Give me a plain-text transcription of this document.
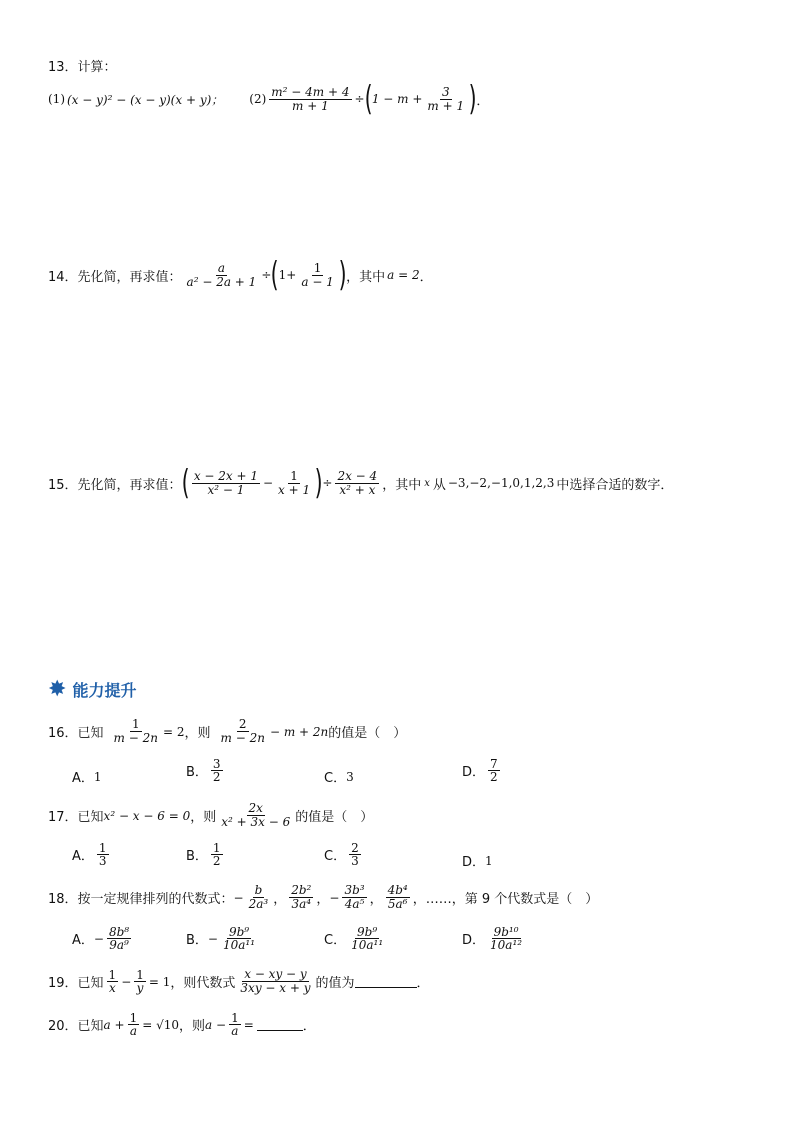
13．计算：
(1) (x − y)² − (x − y)(x + y)； $(2) \frac{\text{m² − 4m + 4}}{m + 1}$ ÷ ( $1 - m + \frac{3}{m + 1}$ ) ．
14．先化简，再求值： $\frac{a}{\text{a² − 2a + 1}}$ ÷ ( $1+ \frac{1}{a - 1}$ ) ，其中 a = 2 ．
15．先化简，再求值： ( $\frac{x - 2x + 1}{\text{x² − 1}} - \frac{1}{x + 1}$ ) ÷ $\frac{2x - 4}{\text{x² + x}}$ ，其中 x 从 −3,−2,−1,0,1,2,3 中选择合适的数字．
✸ 能力提升
16．已知 $\frac{1}{m - 2n} = 2$ ，则 $\frac{2}{m - 2n} - m + 2n$ 的值是（　）
A． 1	B． $\frac{3}{2}$	C． 3	D． $\frac{7}{2}$
17．已知 x² − x − 6 = 0 ，则 $\frac{2x}{\text{x² + 3x − 6}}$ 的值是（　）
A． $\frac{1}{3}$	B． $\frac{1}{2}$	C． $\frac{2}{3}$	D． 1
18．按一定规律排列的代数式： − $\frac{b}{\text{2a³}}$ ， $\frac{\text{2b²}}{\text{3a⁴}}$ ， − $\frac{\text{3b³}}{\text{4a⁵}}$ ， $\frac{\text{4b⁴}}{\text{5a⁶}}$ ，……，第 9 个代数式是（　）
A． − $\frac{\text{8b⁸}}{\text{9a⁹}}$	B． − $\frac{\text{9b⁹}}{\text{10a¹¹}}$	C． $\frac{\text{9b⁹}}{\text{10a¹¹}}$	D． $\frac{\text{9b¹⁰}}{\text{10a¹²}}$
19．已知 $\frac{1}{x} - \frac{1}{y} = 1$ ，则代数式 $\frac{x - xy - y}{3xy - x + y}$ 的值为	．
20．已知 $a + \frac{1}{a} = √10$ ，则 $a - \frac{1}{a}$ =	．
